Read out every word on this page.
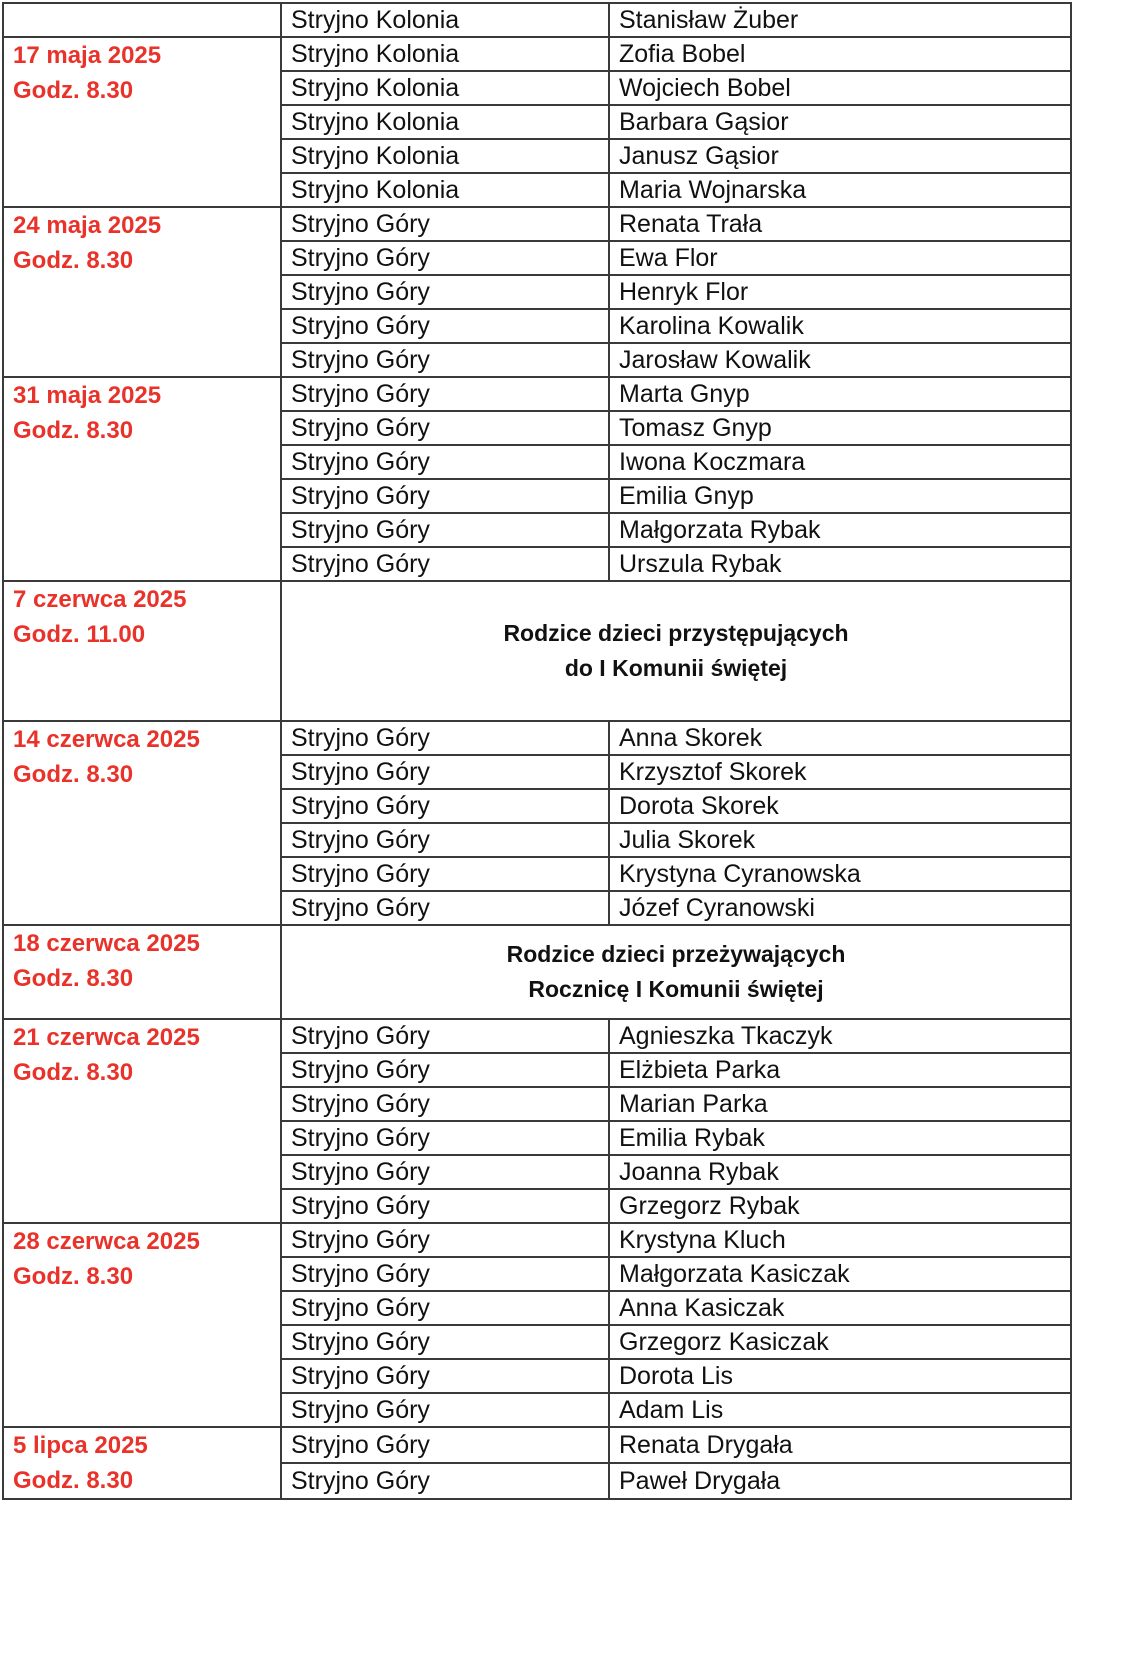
	Stryjno Kolonia	Stanisław Żuber

17 maja 2025
Godz. 8.30	Stryjno Kolonia	Zofia Bobel
	Stryjno Kolonia	Wojciech Bobel
	Stryjno Kolonia	Barbara Gąsior
	Stryjno Kolonia	Janusz Gąsior
	Stryjno Kolonia	Maria Wojnarska

24 maja 2025
Godz. 8.30	Stryjno Góry	Renata Trała
	Stryjno Góry	Ewa Flor
	Stryjno Góry	Henryk Flor
	Stryjno Góry	Karolina Kowalik
	Stryjno Góry	Jarosław Kowalik

31 maja 2025
Godz. 8.30	Stryjno Góry	Marta Gnyp
	Stryjno Góry	Tomasz Gnyp
	Stryjno Góry	Iwona Koczmara
	Stryjno Góry	Emilia Gnyp
	Stryjno Góry	Małgorzata Rybak
	Stryjno Góry	Urszula Rybak

7 czerwca 2025
Godz. 11.00	Rodzice dzieci przystępujących
do I Komunii świętej	

14 czerwca 2025
Godz. 8.30	Stryjno Góry	Anna Skorek
	Stryjno Góry	Krzysztof Skorek
	Stryjno Góry	Dorota Skorek
	Stryjno Góry	Julia Skorek
	Stryjno Góry	Krystyna Cyranowska
	Stryjno Góry	Józef Cyranowski

18 czerwca 2025
Godz. 8.30	Rodzice dzieci przeżywających
Rocznicę I Komunii świętej	

21 czerwca 2025
Godz. 8.30	Stryjno Góry	Agnieszka Tkaczyk
	Stryjno Góry	Elżbieta Parka
	Stryjno Góry	Marian Parka
	Stryjno Góry	Emilia Rybak
	Stryjno Góry	Joanna Rybak
	Stryjno Góry	Grzegorz Rybak

28 czerwca 2025
Godz. 8.30	Stryjno Góry	Krystyna Kluch
	Stryjno Góry	Małgorzata Kasiczak
	Stryjno Góry	Anna Kasiczak
	Stryjno Góry	Grzegorz Kasiczak
	Stryjno Góry	Dorota Lis
	Stryjno Góry	Adam Lis

5 lipca 2025
Godz. 8.30	Stryjno Góry	Renata Drygała
	Stryjno Góry	Paweł Drygała
